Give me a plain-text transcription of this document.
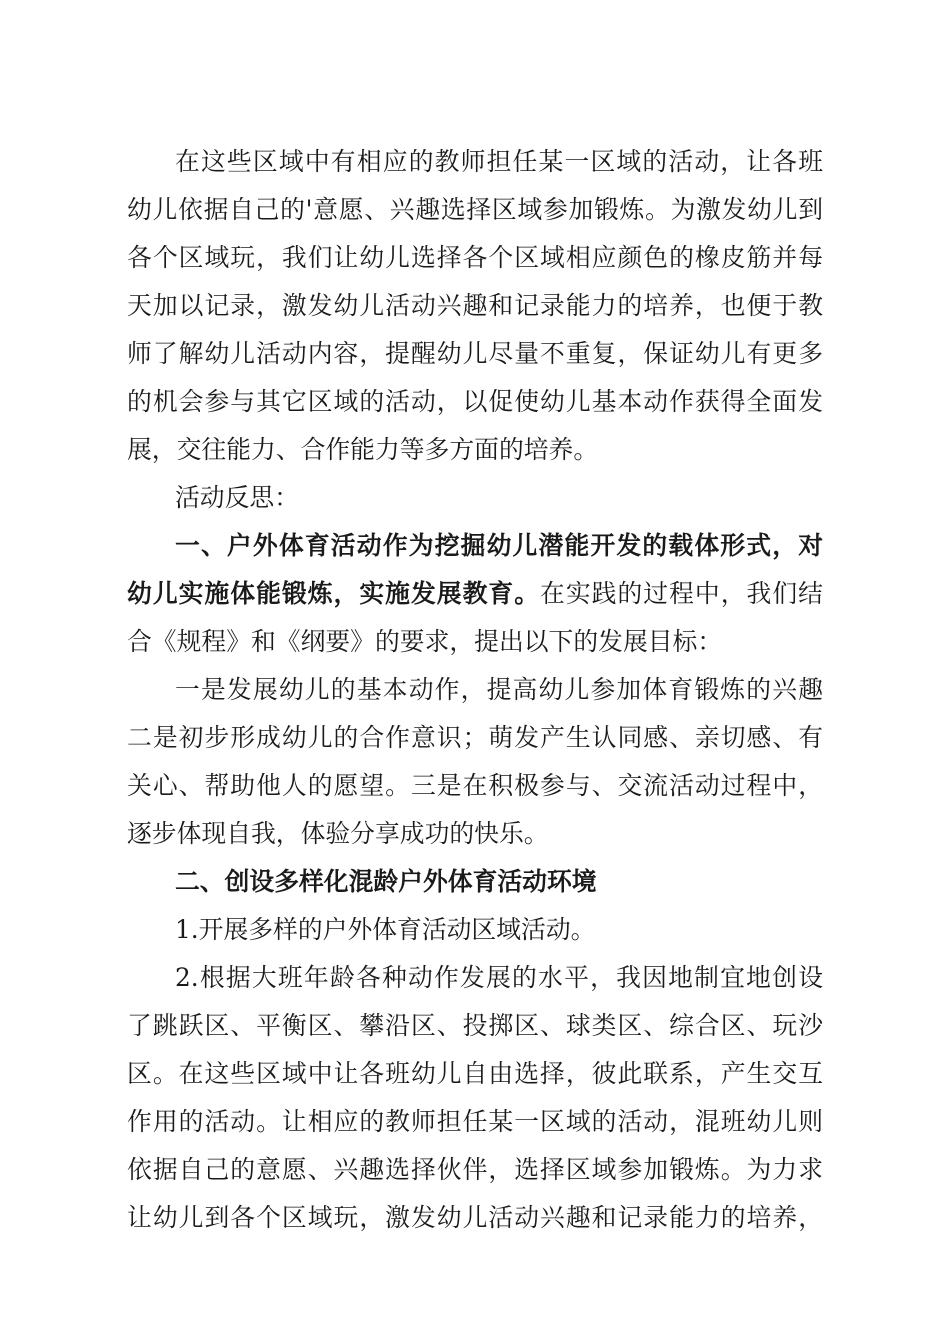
在这些区域中有相应的教师担任某一区域的活动，让各班
幼儿依据自己的'意愿、兴趣选择区域参加锻炼。为激发幼儿到
各个区域玩，我们让幼儿选择各个区域相应颜色的橡皮筋并每
天加以记录，激发幼儿活动兴趣和记录能力的培养，也便于教
师了解幼儿活动内容，提醒幼儿尽量不重复，保证幼儿有更多
的机会参与其它区域的活动，以促使幼儿基本动作获得全面发
展，交往能力、合作能力等多方面的培养。
活动反思：
一、户外体育活动作为挖掘幼儿潜能开发的载体形式，对
幼儿实施体能锻炼，实施发展教育。在实践的过程中，我们结
合《规程》和《纲要》的要求，提出以下的发展目标：
一是发展幼儿的基本动作，提高幼儿参加体育锻炼的兴趣
二是初步形成幼儿的合作意识；萌发产生认同感、亲切感、有
关心、帮助他人的愿望。三是在积极参与、交流活动过程中，
逐步体现自我，体验分享成功的快乐。
二、创设多样化混龄户外体育活动环境
1.开展多样的户外体育活动区域活动。
2.根据大班年龄各种动作发展的水平，我因地制宜地创设
了跳跃区、平衡区、攀沿区、投掷区、球类区、综合区、玩沙
区。在这些区域中让各班幼儿自由选择，彼此联系，产生交互
作用的活动。让相应的教师担任某一区域的活动，混班幼儿则
依据自己的意愿、兴趣选择伙伴，选择区域参加锻炼。为力求
让幼儿到各个区域玩，激发幼儿活动兴趣和记录能力的培养，
